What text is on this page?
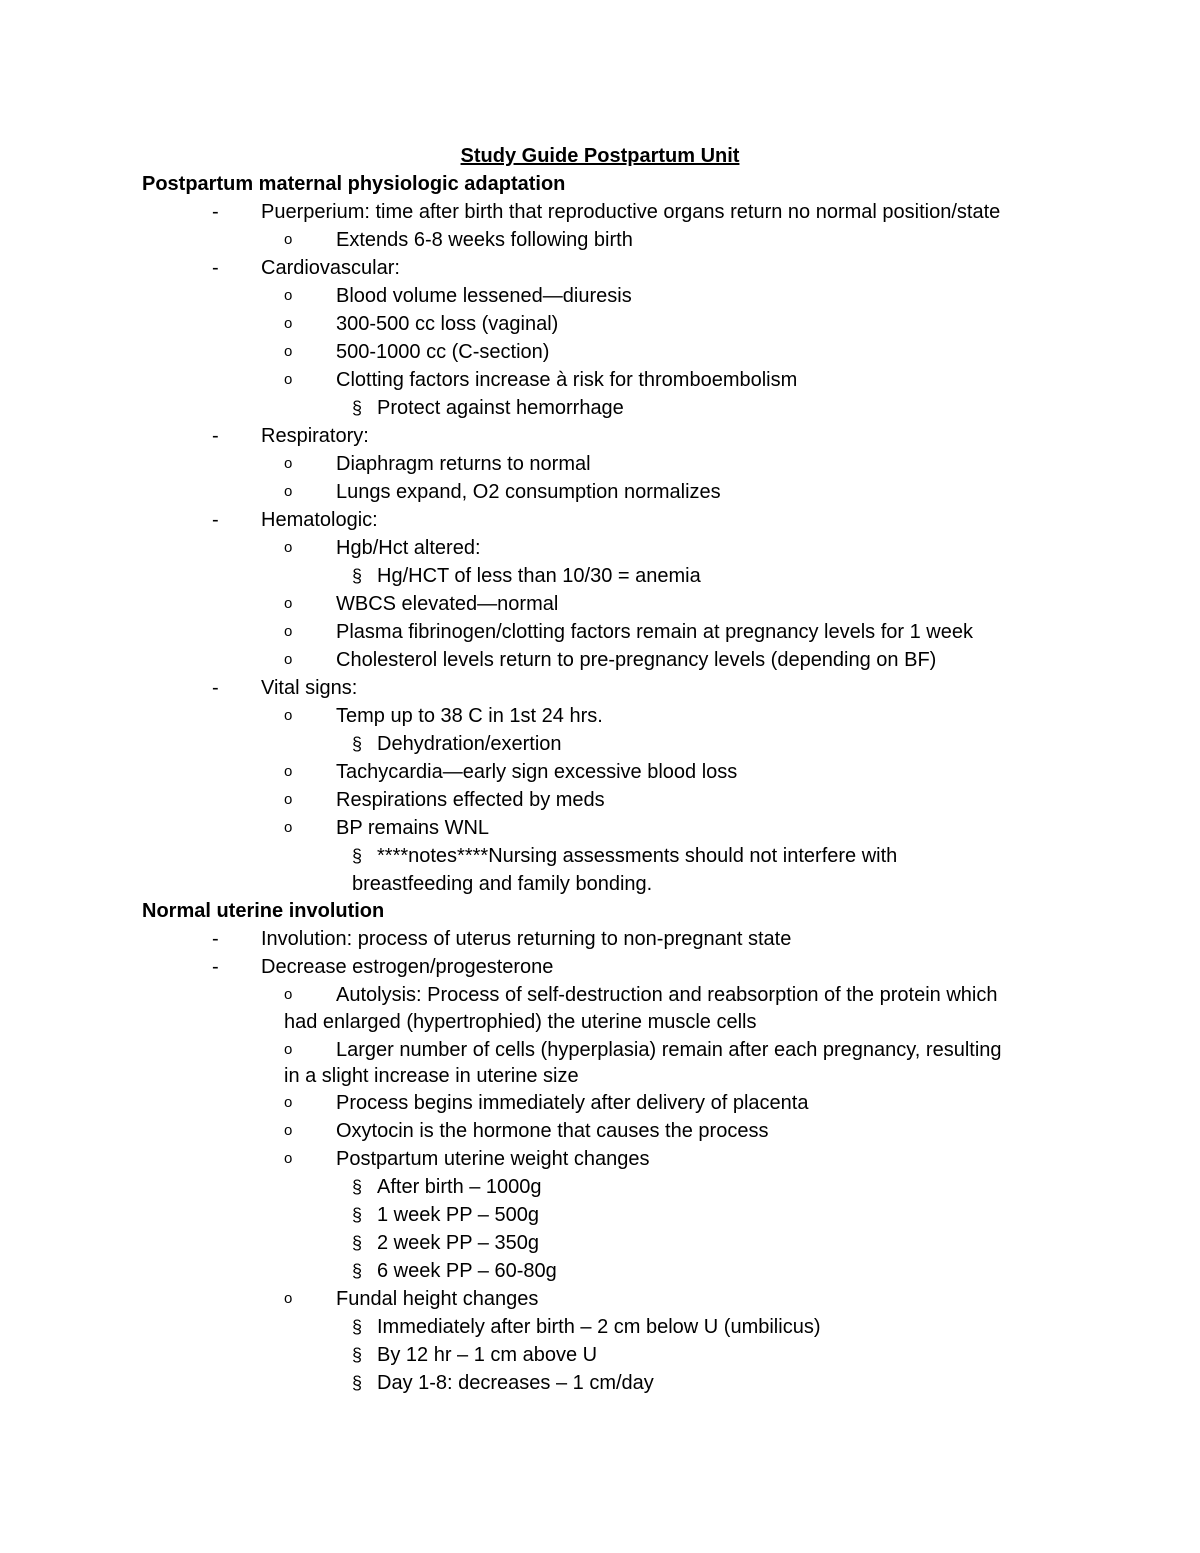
Study Guide Postpartum Unit
Postpartum maternal physiologic adaptation
- Puerperium: time after birth that reproductive organs return no normal position/state
o Extends 6-8 weeks following birth
- Cardiovascular:
o Blood volume lessened—diuresis
o 300-500 cc loss (vaginal)
o 500-1000 cc (C-section)
o Clotting factors increase à risk for thromboembolism
§ Protect against hemorrhage
- Respiratory:
o Diaphragm returns to normal
o Lungs expand, O2 consumption normalizes
- Hematologic:
o Hgb/Hct altered:
§ Hg/HCT of less than 10/30 = anemia
o WBCS elevated—normal
o Plasma fibrinogen/clotting factors remain at pregnancy levels for 1 week
o Cholesterol levels return to pre-pregnancy levels (depending on BF)
- Vital signs:
o Temp up to 38 C in 1st 24 hrs.
§ Dehydration/exertion
o Tachycardia—early sign excessive blood loss
o Respirations effected by meds
o BP remains WNL
§ ****notes****Nursing assessments should not interfere with
breastfeeding and family bonding.
Normal uterine involution
- Involution: process of uterus returning to non-pregnant state
- Decrease estrogen/progesterone
o Autolysis: Process of self-destruction and reabsorption of the protein which
had enlarged (hypertrophied) the uterine muscle cells
o Larger number of cells (hyperplasia) remain after each pregnancy, resulting
in a slight increase in uterine size
o Process begins immediately after delivery of placenta
o Oxytocin is the hormone that causes the process
o Postpartum uterine weight changes
§ After birth – 1000g
§ 1 week PP – 500g
§ 2 week PP – 350g
§ 6 week PP – 60-80g
o Fundal height changes
§ Immediately after birth – 2 cm below U (umbilicus)
§ By 12 hr – 1 cm above U
§ Day 1-8: decreases – 1 cm/day
